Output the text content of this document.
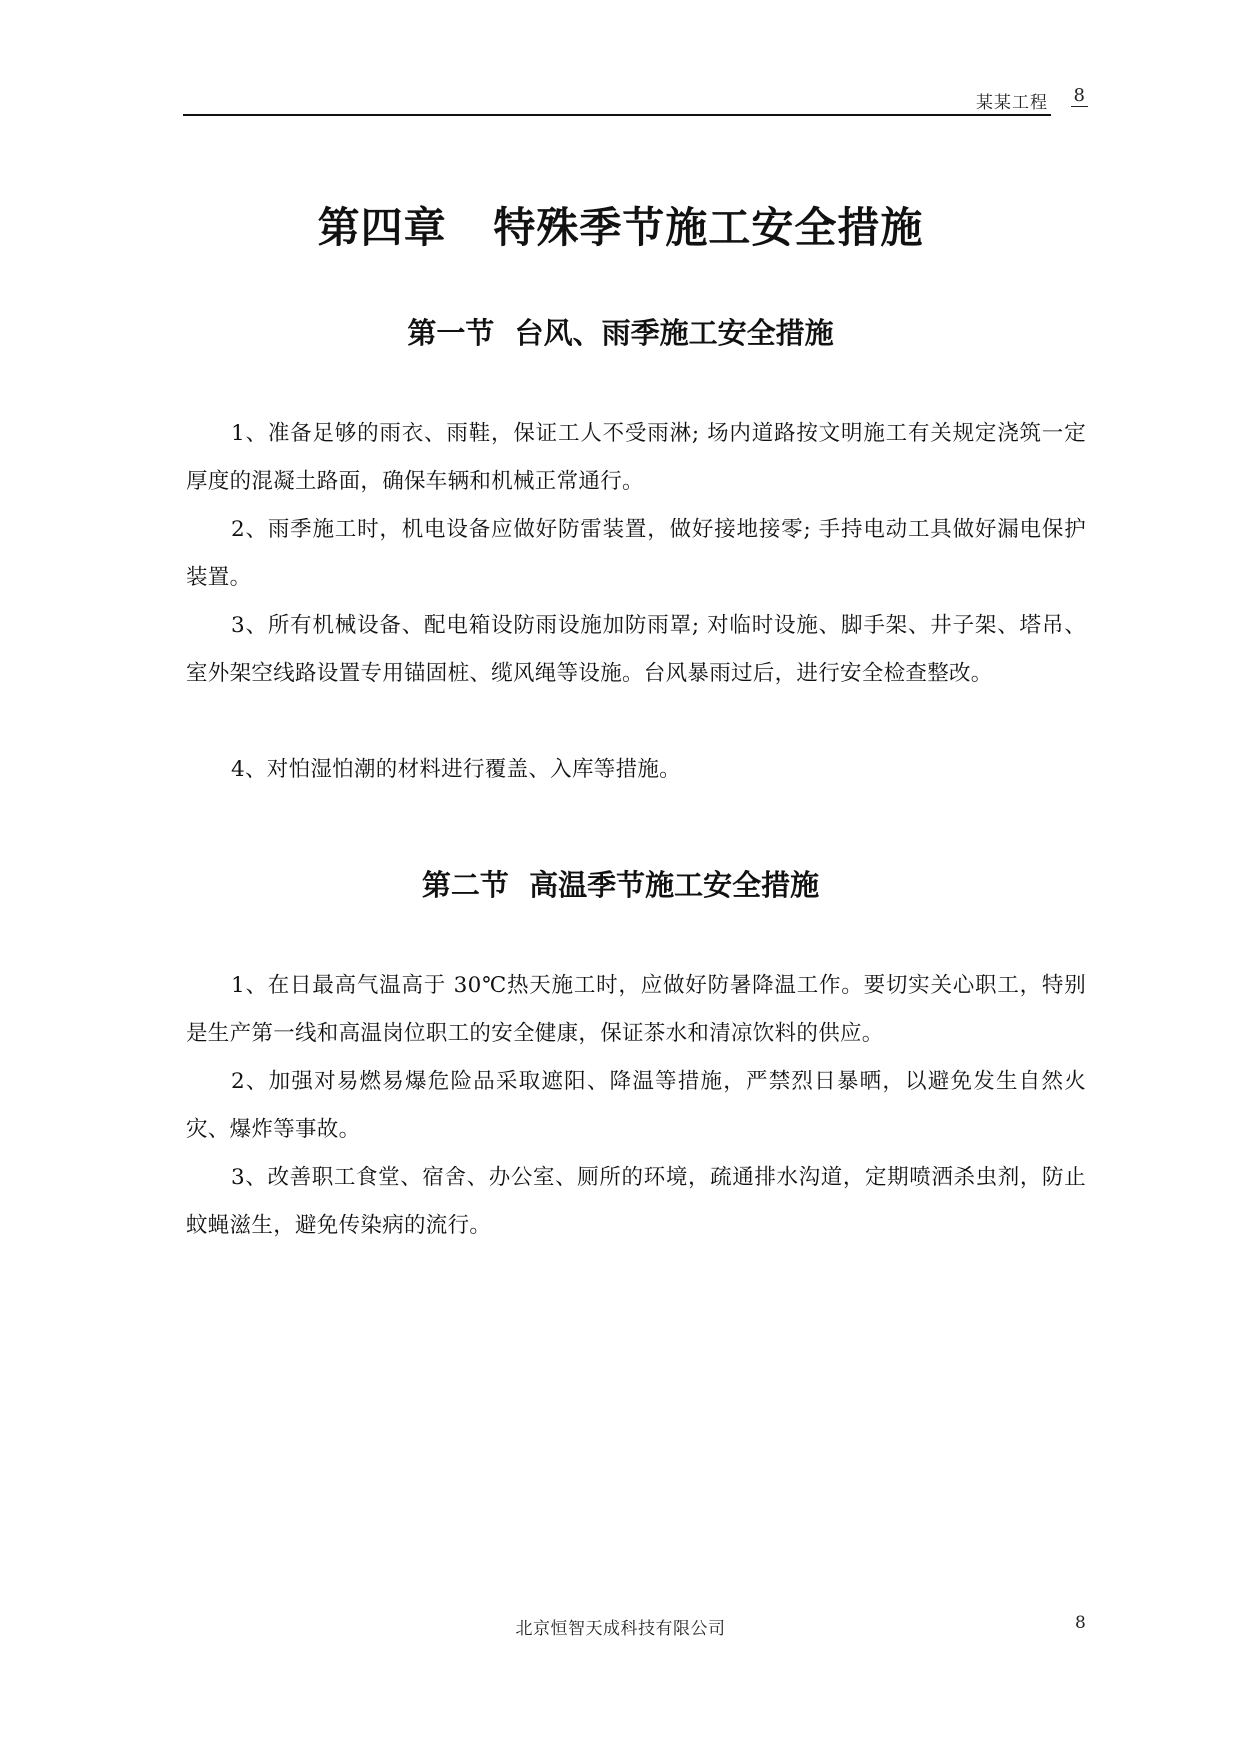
某某工程 8
第四章   特殊季节施工安全措施
第一节  台风、雨季施工安全措施

1、准备足够的雨衣、雨鞋，保证工人不受雨淋; 场内道路按文明施工有关规定浇筑一定厚度的混凝土路面，确保车辆和机械正常通行。

2、雨季施工时，机电设备应做好防雷装置，做好接地接零; 手持电动工具做好漏电保护装置。

3、所有机械设备、配电箱设防雨设施加防雨罩; 对临时设施、脚手架、井子架、塔吊、室外架空线路设置专用锚固桩、缆风绳等设施。台风暴雨过后，进行安全检查整改。

4、对怕湿怕潮的材料进行覆盖、入库等措施。

第二节  高温季节施工安全措施

1、在日最高气温高于 30℃热天施工时，应做好防暑降温工作。要切实关心职工，特别是生产第一线和高温岗位职工的安全健康，保证茶水和清凉饮料的供应。

2、加强对易燃易爆危险品采取遮阳、降温等措施，严禁烈日暴晒，以避免发生自然火灾、爆炸等事故。

3、改善职工食堂、宿舍、办公室、厕所的环境，疏通排水沟道，定期喷洒杀虫剂，防止蚊蝇滋生，避免传染病的流行。

北京恒智天成科技有限公司	8
